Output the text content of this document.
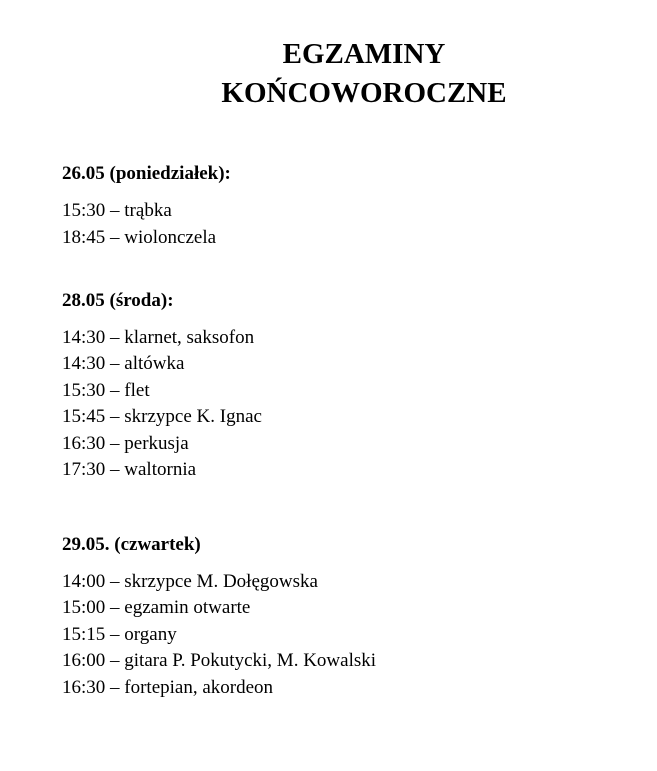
EGZAMINY
KOŃCOWOROCZNE
26.05 (poniedziałek):
15:30 – trąbka
18:45 – wiolonczela
28.05 (środa):
14:30 – klarnet, saksofon
14:30 – altówka
15:30 – flet
15:45 – skrzypce K. Ignac
16:30 – perkusja
17:30 – waltornia
29.05. (czwartek)
14:00 – skrzypce M. Dołęgowska
15:00 – egzamin otwarte
15:15 – organy
16:00 – gitara P. Pokutycki, M. Kowalski
16:30 – fortepian, akordeon
